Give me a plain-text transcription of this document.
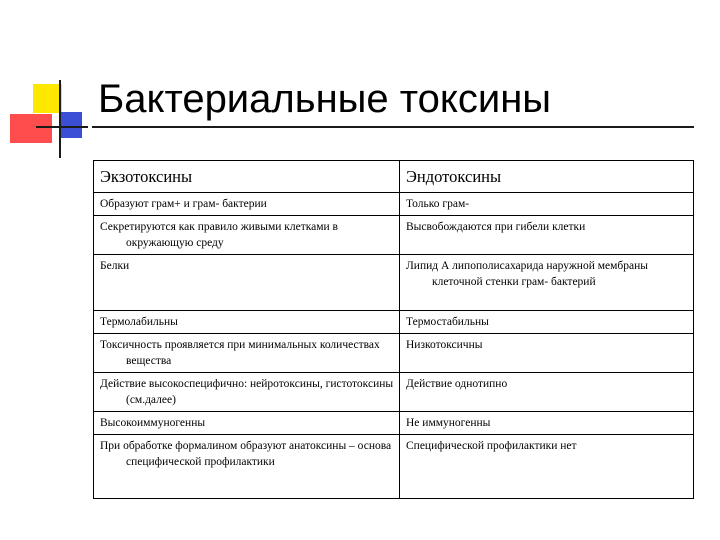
Бактериальные токсины
Экзотоксины	Эндотоксины

Образуют грам+ и грам- бактерии	Только грам-

Секретируются как правило живыми клетками в окружающую среду	Высвобождаются при гибели клетки

Белки	Липид А липополисахарида наружной мембраны клеточной стенки грам- бактерий

Термолабильны	Термостабильны

Токсичность проявляется при минимальных количествах вещества	Низкотоксичны

Действие высокоспецифично: нейротоксины, гистотоксины (см.далее)	Действие однотипно

Высокоиммуногенны	Не иммуногенны

При обработке формалином образуют анатоксины – основа специфической профилактики	Специфической профилактики нет
